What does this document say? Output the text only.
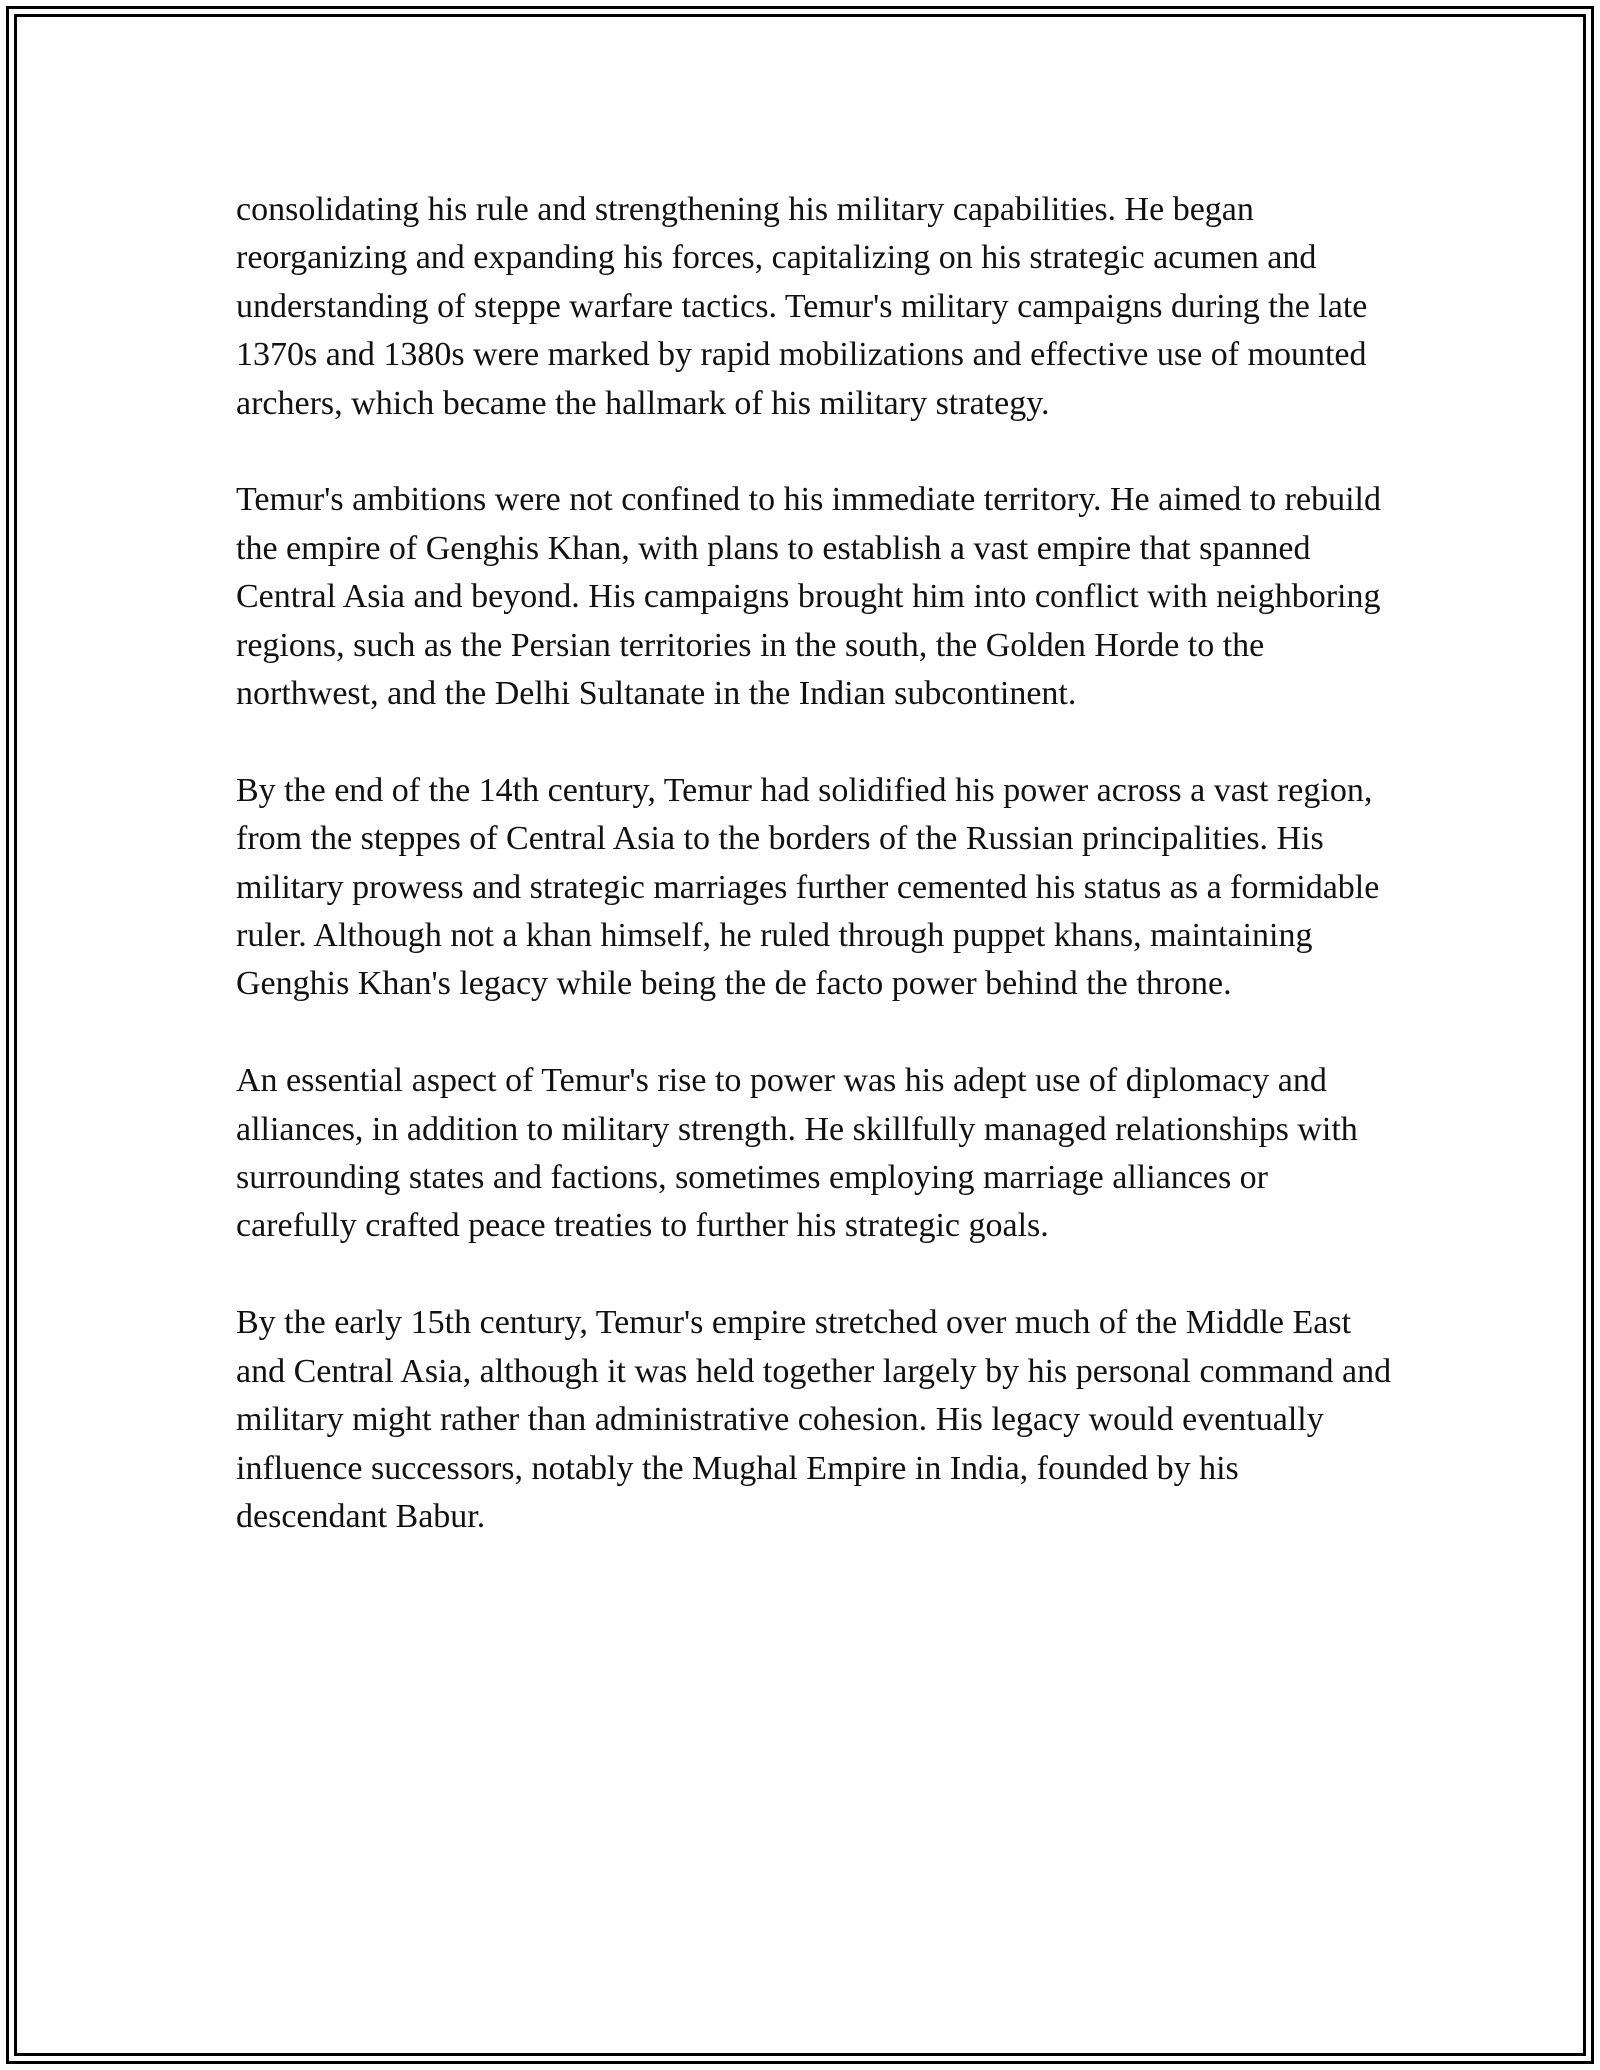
consolidating his rule and strengthening his military capabilities. He began reorganizing and expanding his forces, capitalizing on his strategic acumen and understanding of steppe warfare tactics. Temur's military campaigns during the late 1370s and 1380s were marked by rapid mobilizations and effective use of mounted archers, which became the hallmark of his military strategy.

Temur's ambitions were not confined to his immediate territory. He aimed to rebuild the empire of Genghis Khan, with plans to establish a vast empire that spanned Central Asia and beyond. His campaigns brought him into conflict with neighboring regions, such as the Persian territories in the south, the Golden Horde to the northwest, and the Delhi Sultanate in the Indian subcontinent.

By the end of the 14th century, Temur had solidified his power across a vast region, from the steppes of Central Asia to the borders of the Russian principalities. His military prowess and strategic marriages further cemented his status as a formidable ruler. Although not a khan himself, he ruled through puppet khans, maintaining Genghis Khan's legacy while being the de facto power behind the throne.

An essential aspect of Temur's rise to power was his adept use of diplomacy and alliances, in addition to military strength. He skillfully managed relationships with surrounding states and factions, sometimes employing marriage alliances or carefully crafted peace treaties to further his strategic goals.

By the early 15th century, Temur's empire stretched over much of the Middle East and Central Asia, although it was held together largely by his personal command and military might rather than administrative cohesion. His legacy would eventually influence successors, notably the Mughal Empire in India, founded by his descendant Babur.
